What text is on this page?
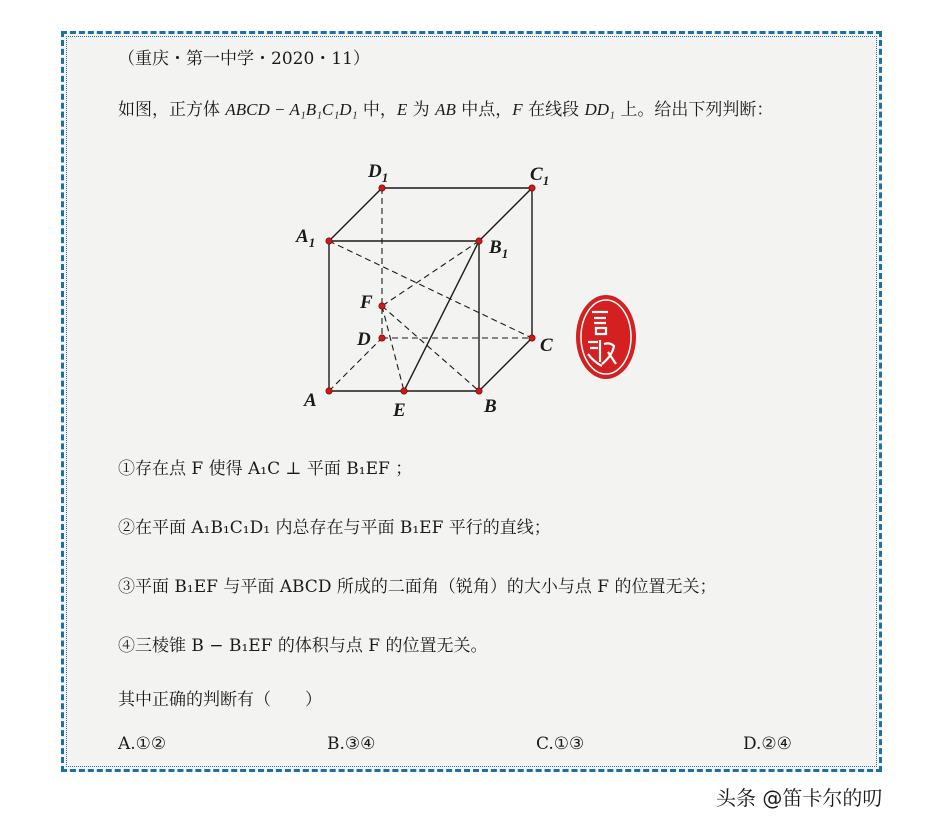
（重庆・第一中学・2020・11）
如图，正方体 ABCD − A₁B₁C₁D₁ 中，E 为 AB 中点，F 在线段 DD₁ 上。给出下列判断：
$D_1$	$C_1$
$A_1$	$B_1$
F
D	C
A	E	B
①存在点 F 使得 A₁C ⊥ 平面 B₁EF ；
②在平面 A₁B₁C₁D₁ 内总存在与平面 B₁EF 平行的直线；
③平面 B₁EF 与平面 ABCD 所成的二面角（锐角）的大小与点 F 的位置无关；
④三棱锥 B − B₁EF 的体积与点 F 的位置无关。
其中正确的判断有（　　）
A.①②	B.③④	C.①③	D.②④
头条 @笛卡尔的叨
